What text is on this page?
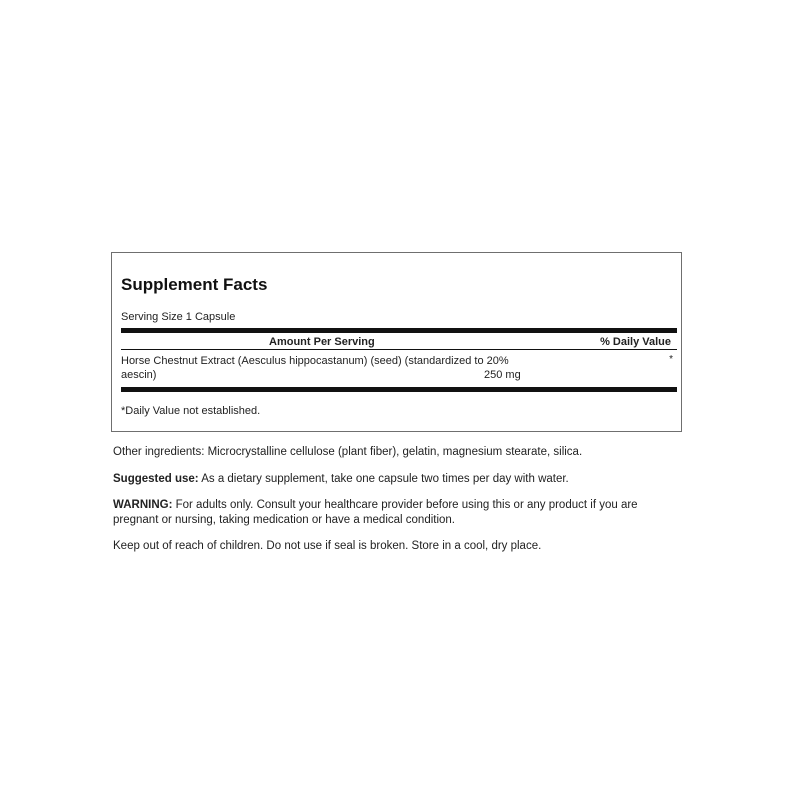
Supplement Facts
Serving Size 1 Capsule
Amount Per Serving	% Daily Value
Horse Chestnut Extract (Aesculus hippocastanum) (seed) (standardized to 20% aescin)	250 mg
*
*Daily Value not established.

Other ingredients: Microcrystalline cellulose (plant fiber), gelatin, magnesium stearate, silica.

Suggested use: As a dietary supplement, take one capsule two times per day with water.

WARNING: For adults only. Consult your healthcare provider before using this or any product if you are pregnant or nursing, taking medication or have a medical condition.

Keep out of reach of children. Do not use if seal is broken. Store in a cool, dry place.
